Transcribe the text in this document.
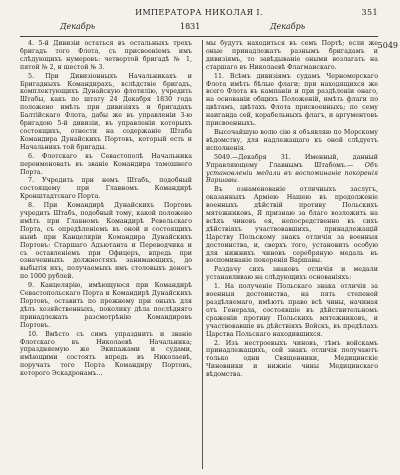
ИМПЕРАТОРА НИКОЛАЯ I.	351
Декабрь	1831	Декабрь

4. 5-й Дивизіи остаться въ остальныхъ трехъ бригадъ того Флота, съ присвоеніемъ имъ слѣдующихъ нумеровъ: четвертой бригадѣ № 1, пятой № 2, и шестой № 3.

5. При Дивизіонныхъ Начальникахъ и Бригадныхъ Командирахъ, вслѣдствіе бригадъ, комплектующихъ Дунайскую флотилію, учредить Штабы, какъ по штату 24 Декабря 1830 года положено имѣть при дивизіяхъ и бригадахъ Балтійскаго Флота, дабы же въ управленіи 3-ю бригадою 5-й дивизіи, въ управленіи которыхъ состоящихъ, отнести на содержаніе Штаба Командира Дунайскихъ Портовъ, который есть и Начальникъ той бригады.

6. Флотскаго въ Севастополѣ Начальника переименовать въ званіе Командира тамошнего Порта.

7. Учредить при немъ Штабъ, подобный состоящему при Главномъ Командирѣ Кронштадтскаго Порта.

8. При Командирѣ Дунайскихъ Портовъ учредить Штабъ, подобный тому, какой положено имѣть при Главномъ Командирѣ Ревельскаго Порта, съ опредѣленіемъ въ оной и состоящихъ нынѣ при Канцеляріи Командира Дунайскихъ Портовъ: Старшаго Адъютанта и Переводчика и съ оставленіемъ при Офицеръ, впредь при означенныхъ должностяхъ занимающихъ, до выбытія ихъ, получаемыхъ имъ столовыхъ денегъ по 1000 рублей.

9. Канцелярію, имѣющуюся при Командирѣ Севастопольскаго Порта и Командирѣ Дунайскихъ Портовъ, оставить по прежнему при оныхъ для дѣлъ хозяйственныхъ, поколику дѣла послѣдняго принадлежать разсмотрѣнію Командировъ Портовъ.

10. Вмѣсто съ симъ упразднить и званіе Флотскаго въ Николаевѣ Начальника; упраздняемую же Экипажами и судами, имѣющими состоять впредь въ Николаевѣ, поручать того Порта Командиру Портовъ, которого Эскадронамъ...

5049

мы будутъ находиться въ семъ Портѣ; если же оные принадлежатъ разнымъ бригадамъ и дивизіямъ, то завѣдываніе оными возлагать на старшаго въ Николаевѣ Флагманскаго.

11. Всѣмъ дивизіямъ судамъ Черноморскаго Флота имѣть бѣлые флаги; при находящихся же всего Флота въ кампаніи и при раздѣленіи онаго, на основаніи общихъ Положеній, имѣть флаги по цвѣтамъ, цвѣтахъ Флота присвоенныхъ; по сему наиганда сей, корабельныхъ флагъ, и аргументовъ присвоенныхъ.

Высочайшую волю сію я объявляю по Морскому вѣдомству, для надлежащаго къ оной слѣдуетъ исполненія.

5049.—Декабря 31. Именный, данный Управляющему Главнымъ Штабомъ.— Объ установленіи медали въ воспоминаніе покоренія Варшавы.

Въ ознаменованіе отличныхъ заслугъ, оказанныхъ Арміею Нашею въ продолженіе военныхъ дѣйствій противу Польскихъ мятежниковъ, Я признаю за благо возложить на всѣхъ чиновъ ея, непосредственно въ сихъ дѣйствіяхъ участвовавшихъ, принадлежащій Царству Польскому знакъ отличія за военныя достоинства, и, сверхъ того, установить особую для нижнихъ чиновъ серебряную медаль въ воспоминаніе покоренія Варшавы.

Раздачу сихъ знаковъ отличія и медали устанавливаю на слѣдующихъ основаніяхъ:

1. На полученіе Польскаго знака отличія за военныя достоинства, на пять степеней раздѣляемаго, имѣютъ право всѣ чины, начиная отъ Генерала, состоявшіе въ дѣйствительномъ сраженіи противу Польскихъ мятежниковъ, и участвовавшіе въ дѣйствіяхъ Войскъ, въ предѣлахъ Царства Польскаго находившихся.

2. Изъ нестроевыхъ чиновъ, тѣмъ войскамъ принадлежащихъ, сей знакъ отличія получаютъ только одни Священники, Медицинскіе Чиновники и нижніе чины Медицинскаго вѣдомства.
